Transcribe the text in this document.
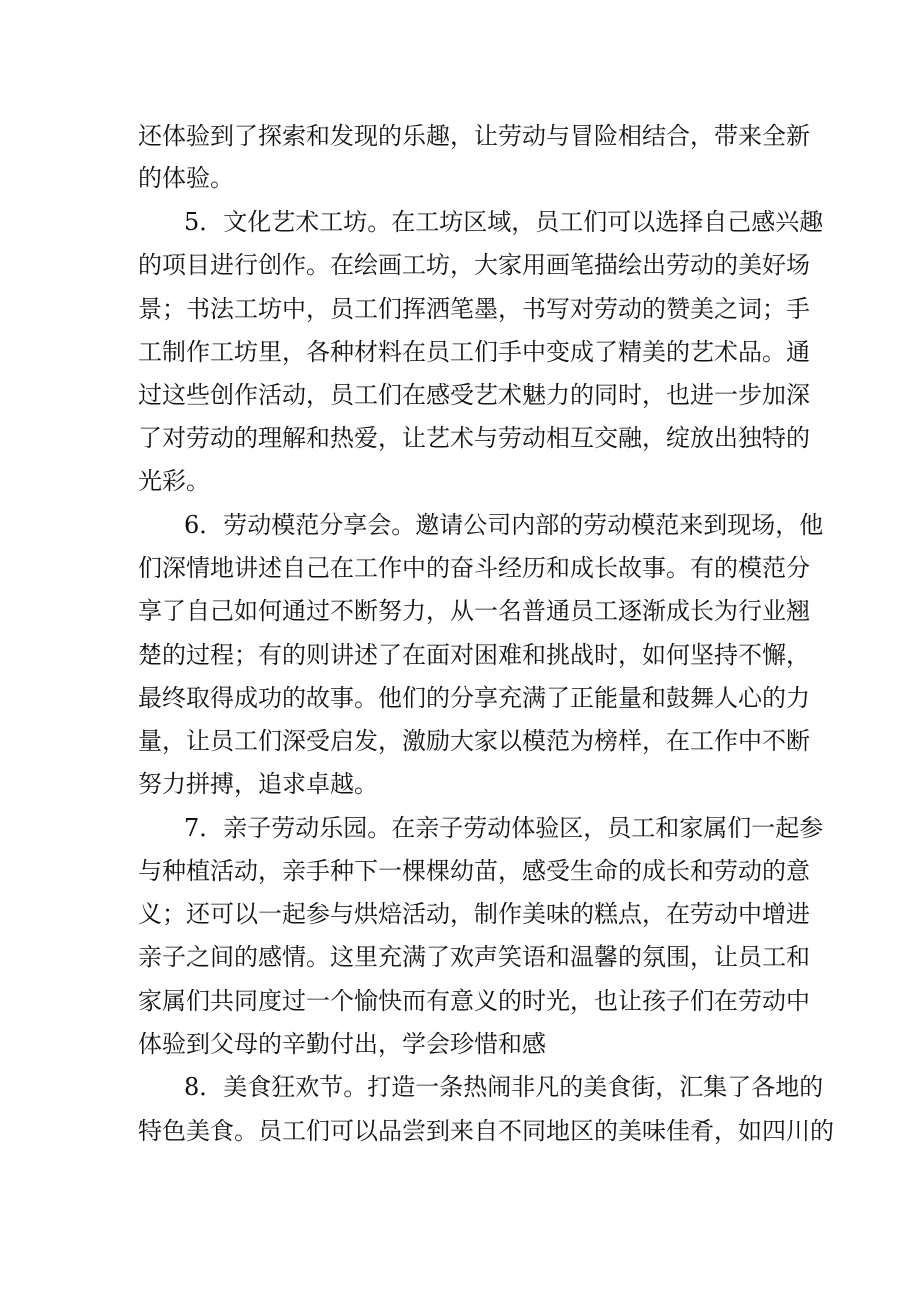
还体验到了探索和发现的乐趣，让劳动与冒险相结合，带来全新

的体验。

5．文化艺术工坊。在工坊区域，员工们可以选择自己感兴趣

的项目进行创作。在绘画工坊，大家用画笔描绘出劳动的美好场

景；书法工坊中，员工们挥洒笔墨，书写对劳动的赞美之词；手

工制作工坊里，各种材料在员工们手中变成了精美的艺术品。通

过这些创作活动，员工们在感受艺术魅力的同时，也进一步加深

了对劳动的理解和热爱，让艺术与劳动相互交融，绽放出独特的

光彩。

6．劳动模范分享会。邀请公司内部的劳动模范来到现场，他

们深情地讲述自己在工作中的奋斗经历和成长故事。有的模范分

享了自己如何通过不断努力，从一名普通员工逐渐成长为行业翘

楚的过程；有的则讲述了在面对困难和挑战时，如何坚持不懈，

最终取得成功的故事。他们的分享充满了正能量和鼓舞人心的力

量，让员工们深受启发，激励大家以模范为榜样，在工作中不断

努力拼搏，追求卓越。

7．亲子劳动乐园。在亲子劳动体验区，员工和家属们一起参

与种植活动，亲手种下一棵棵幼苗，感受生命的成长和劳动的意

义；还可以一起参与烘焙活动，制作美味的糕点，在劳动中增进

亲子之间的感情。这里充满了欢声笑语和温馨的氛围，让员工和

家属们共同度过一个愉快而有意义的时光，也让孩子们在劳动中

体验到父母的辛勤付出，学会珍惜和感

8．美食狂欢节。打造一条热闹非凡的美食街，汇集了各地的

特色美食。员工们可以品尝到来自不同地区的美味佳肴，如四川的
